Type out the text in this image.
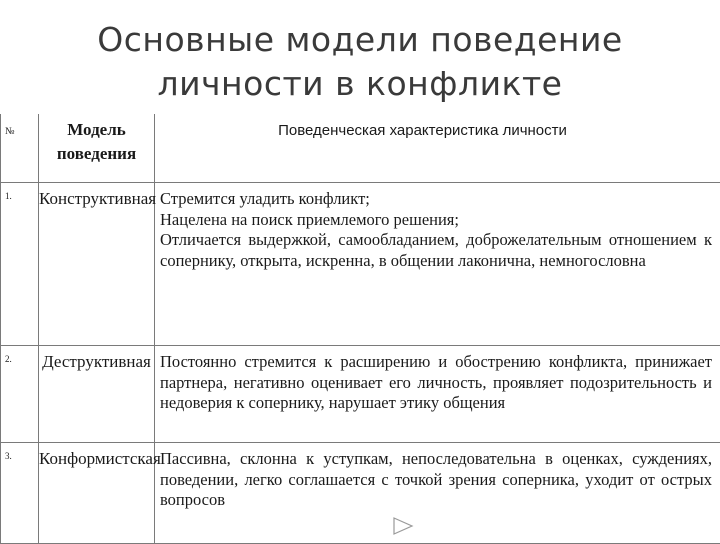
Основные модели поведение
личности в конфликте
№	Модель поведения	Поведенческая характеристика личности

1.	Конструктивная	Стремится уладить конфликт;

Нацелена на поиск приемлемого решения;

Отличается выдержкой, самообладанием, доброжелательным отношением к сопернику, открыта, искренна, в общении лаконична, немногословна

2.	Деструктивная	Постоянно стремится к расширению и обострению конфликта, принижает партнера, негативно оценивает его личность, проявляет подозрительность и недоверия к сопернику, нарушает этику общения

3.	Конформистская	Пассивна, склонна к уступкам, непоследовательна в оценках, суждениях, поведении, легко соглашается с точкой зрения соперника, уходит от острых вопросов
